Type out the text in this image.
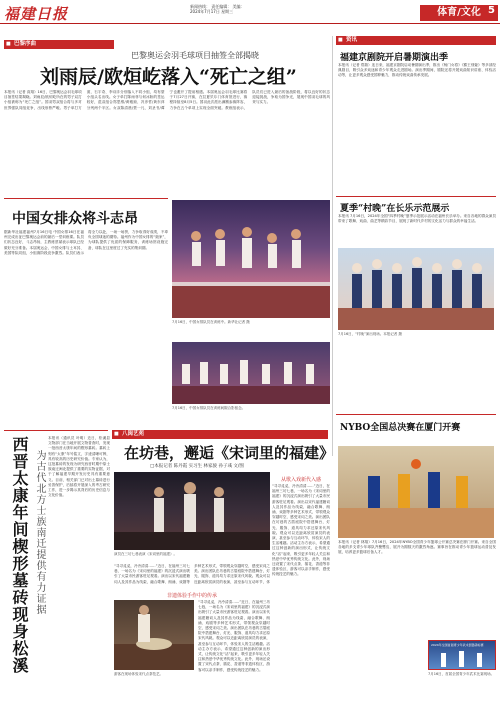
福建日报	新闻热线： 责任编辑： 美编：
2024年7月17日 星期三	体育/文化 5
■ 巴黎序曲
巴黎奥运会羽毛球项目抽签全部揭晓
刘雨辰/欧烜屹落入“死亡之组”
本报讯（记者 高翔）16日，巴黎奥运会羽毛球项目抽签结果揭晓。刘雨辰/欧烜屹所在的男子双打小组被称为“死亡之组”。国羽男双组合将与多对世界强队同组竞争，出线形势严峻。男子单打方面，石宇奇、李诗沣分别落入不同小组，均有望小组头名出线。女子单打陈雨菲与何冰娇的签运较好，混双组合郑思维/黄雅琼、冯彦哲/黄东萍分列两个半区。女双陈清晨/贾一凡、刘圣书/谭宁也避开了提前相遇。本届奥运会羽毛球比赛将于7月27日开赛，在拉夏贝尔门体育馆进行，赛程持续至8月5日。国羽此次派出满额参赛阵容，力争在五个单项上实现全面突破。教练组表示，队员们已进入最后的备战阶段，将以良好的状态迎接挑战，争取为国争光，展现中国羽毛球的风采与实力。
7月16日，中国女排队员在训练中。新华社记者 摄
中国女排众将斗志昂
据新华社福建福州7月16日电 中国女排16日在福州完成出征巴黎奥运会前的最后一堂训练课。队员们状态良好，斗志昂扬，主教练蔡斌表示球队已经做好充分准备。本届奥运会，中国女排与土耳其、美国等队同组，小组赛阶段竞争激烈。队员们表示将全力以赴，一场一场拼，力争取得好成绩，不辜负全国球迷的期待。福州作为中国女排的“娘家”，为球队提供了优质的保障服务，训练场馆设施完备，球队在这里度过了充实的集训期。
7月16日，中国女排队员在训练间隙合影留念。
西晋太康年间楔形墓砖现身松溪 为古代北方士族南迁提供有力证据
本报讯（通讯员 叶明）近日，松溪县文物部门在当地开展文物普查时，发现一批西晋太康年间的楔形墓砖。墓砖上刻有“太康”年号铭文，字迹清晰可辨，具有较高的历史研究价值。专家认为，这批墓砖的发现为研究西晋时期中原士族南迁闽北提供了重要的实物证据，对于了解福建早期开发历史具有重要意义。目前，相关部门已对出土墓砖进行妥善保护，后续将开展深入的考古研究工作，进一步揭示其背后的历史信息与文化价值。
■ 八闽艺苑
在坊巷，邂逅《宋词里的福建》
□本报记者 陈丹霞 实习生 林家骏 孙子彧 文/图
演员在三坊七巷表演《宋词里的福建》。
从歌入戏新代入感
“寻寻觅觅，冷冷清清……”近日，在福州三坊七巷，一场名为《宋词里的福建》的沉浸式演出吸引了大量市民游客驻足观看。演出以宋代福建籍词人及其作品为线索，融合歌舞、朗诵、戏剧等多种艺术形式，带领观众穿越时空，感受宋词之美。演出团队在坊巷的古厝庭院中搭建舞台，灯光、服饰、道具均力求还原宋代风貌。观众可以近距离欣赏演员的表演，甚至参与互动环节，体验宋人的生活雅趣。活动主办方表示，希望通过这种创新的演出形式，让传统文化“活”起来，吸引更多年轻人关注和热爱中华优秀传统文化。此外，现场还设置了宋代点茶、插花、香道等非遗体验区，游客可以亲手制作，感受传统技艺的魅力。
“寻寻觅觅，冷冷清清……”近日，在福州三坊七巷，一场名为《宋词里的福建》的沉浸式演出吸引了大量市民游客驻足观看。演出以宋代福建籍词人及其作品为线索，融合歌舞、朗诵、戏剧等多种艺术形式，带领观众穿越时空，感受宋词之美。演出团队在坊巷的古厝庭院中搭建舞台，灯光、服饰、道具均力求还原宋代风貌。观众可以近距离欣赏演员的表演，甚至参与互动环节，体
非遗体验手作中的传承
“寻寻觅觅，冷冷清清……”近日，在福州三坊七巷，一场名为《宋词里的福建》的沉浸式演出吸引了大量市民游客驻足观看。演出以宋代福建籍词人及其作品为线索，融合歌舞、朗诵、戏剧等多种艺术形式，带领观众穿越时空，感受宋词之美。演出团队在坊巷的古厝庭院中搭建舞台，灯光、服饰、道具均力求还原宋代风貌。观众可以近距离欣赏演员的表演，甚至参与互动环节，体验宋人的生活雅趣。活动主办方表示，希望通过这种创新的演出形式，让传统文化“活”起来，吸引更多年轻人关注和热爱中华优秀传统文化。此外，现场还设置了宋代点茶、插花、香道等非遗体验区，游客可以亲手制作，感受传统技艺的魅力。
游客在现场体验宋代点茶技艺。
■ 资讯
福建京剧院开启暑期演出季
本报讯（记者 郑瑞）连日来，福建京剧院启动暑期演出季，推出《杨门女将》《霸王别姬》等多部经典剧目，吸引众多戏迷和青少年观众走进剧场。演出季期间，剧院还将开展戏曲知识讲座、体验活动等，让更多观众感受国粹魅力，推动传统戏曲传承发展。
夏季“村晚”在长乐示范展示
本报讯 7月16日，2024年全国“四季村晚”夏季示范展示活动在福州长乐举办。来自各地的群众演员带来了歌舞、戏曲、曲艺等精彩节目，展现了新时代乡村的文化活力与群众的幸福生活。
7月16日，“村晚”演出现场。本报记者 摄
NYBO全国总决赛在厦门开赛
本报讯（记者 林翔）7月16日，2024年NYBO全国青少年篮球公开赛总决赛在厦门开赛。来自全国各地的多支青少年球队齐聚鹭岛，展开为期数天的激烈角逐。赛事旨在推动青少年篮球运动普及发展，培养更多篮球后备人才。
2024年全国首届青少年武术套路锦标赛
7月16日，首届全国青少年武术比赛现场。
